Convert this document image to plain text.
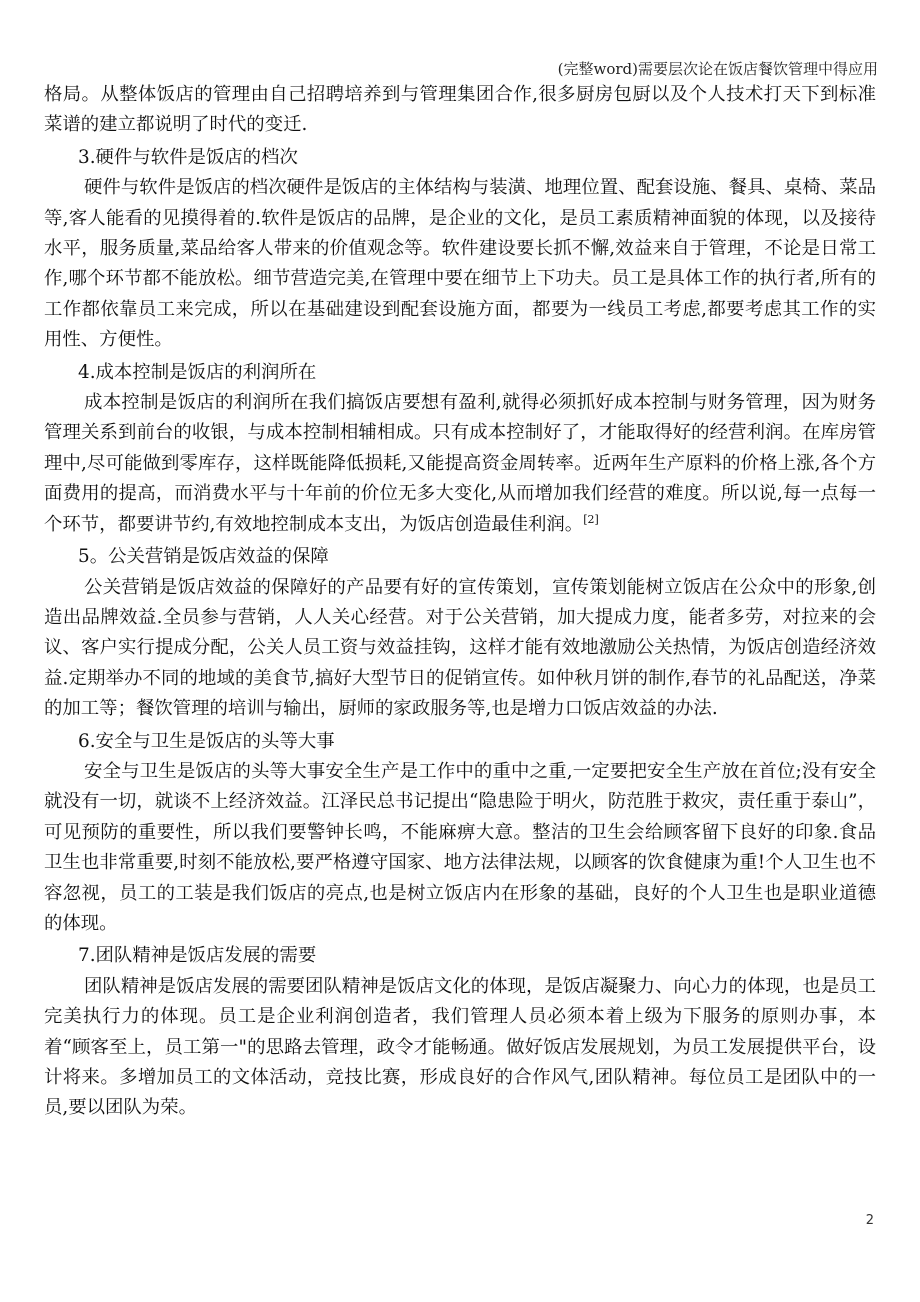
(完整word)需要层次论在饭店餐饮管理中得应用

格局。从整体饭店的管理由自己招聘培养到与管理集团合作,很多厨房包厨以及个人技术打天下到标准菜谱的建立都说明了时代的变迁.

3.硬件与软件是饭店的档次

硬件与软件是饭店的档次硬件是饭店的主体结构与装潢、地理位置、配套设施、餐具、桌椅、菜品等,客人能看的见摸得着的.软件是饭店的品牌，是企业的文化，是员工素质精神面貌的体现，以及接待水平，服务质量,菜品给客人带来的价值观念等。软件建设要长抓不懈,效益来自于管理，不论是日常工作,哪个环节都不能放松。细节营造完美,在管理中要在细节上下功夫。员工是具体工作的执行者,所有的工作都依靠员工来完成，所以在基础建设到配套设施方面，都要为一线员工考虑,都要考虑其工作的实用性、方便性。

4.成本控制是饭店的利润所在

成本控制是饭店的利润所在我们搞饭店要想有盈利,就得必须抓好成本控制与财务管理，因为财务管理关系到前台的收银，与成本控制相辅相成。只有成本控制好了，才能取得好的经营利润。在库房管理中,尽可能做到零库存，这样既能降低损耗,又能提高资金周转率。近两年生产原料的价格上涨,各个方面费用的提高，而消费水平与十年前的价位无多大变化,从而增加我们经营的难度。所以说,每一点每一个环节，都要讲节约,有效地控制成本支出，为饭店创造最佳利润。[2]

5。公关营销是饭店效益的保障

公关营销是饭店效益的保障好的产品要有好的宣传策划，宣传策划能树立饭店在公众中的形象,创造出品牌效益.全员参与营销，人人关心经营。对于公关营销，加大提成力度，能者多劳，对拉来的会议、客户实行提成分配，公关人员工资与效益挂钩，这样才能有效地激励公关热情，为饭店创造经济效益.定期举办不同的地域的美食节,搞好大型节日的促销宣传。如仲秋月饼的制作,春节的礼品配送，净菜的加工等；餐饮管理的培训与输出，厨师的家政服务等,也是增力口饭店效益的办法.

6.安全与卫生是饭店的头等大事

安全与卫生是饭店的头等大事安全生产是工作中的重中之重,一定要把安全生产放在首位;没有安全就没有一切，就谈不上经济效益。江泽民总书记提出“隐患险于明火，防范胜于救灾，责任重于泰山”，可见预防的重要性，所以我们要警钟长鸣，不能麻痹大意。整洁的卫生会给顾客留下良好的印象.食品卫生也非常重要,时刻不能放松,要严格遵守国家、地方法律法规，以顾客的饮食健康为重!个人卫生也不容忽视，员工的工装是我们饭店的亮点,也是树立饭店内在形象的基础，良好的个人卫生也是职业道德的体现。

7.团队精神是饭店发展的需要

团队精神是饭店发展的需要团队精神是饭店文化的体现，是饭店凝聚力、向心力的体现，也是员工完美执行力的体现。员工是企业利润创造者，我们管理人员必须本着上级为下服务的原则办事，本着“顾客至上，员工第一"的思路去管理，政令才能畅通。做好饭店发展规划，为员工发展提供平台，设计将来。多增加员工的文体活动，竞技比赛，形成良好的合作风气,团队精神。每位员工是团队中的一员,要以团队为荣。

2
